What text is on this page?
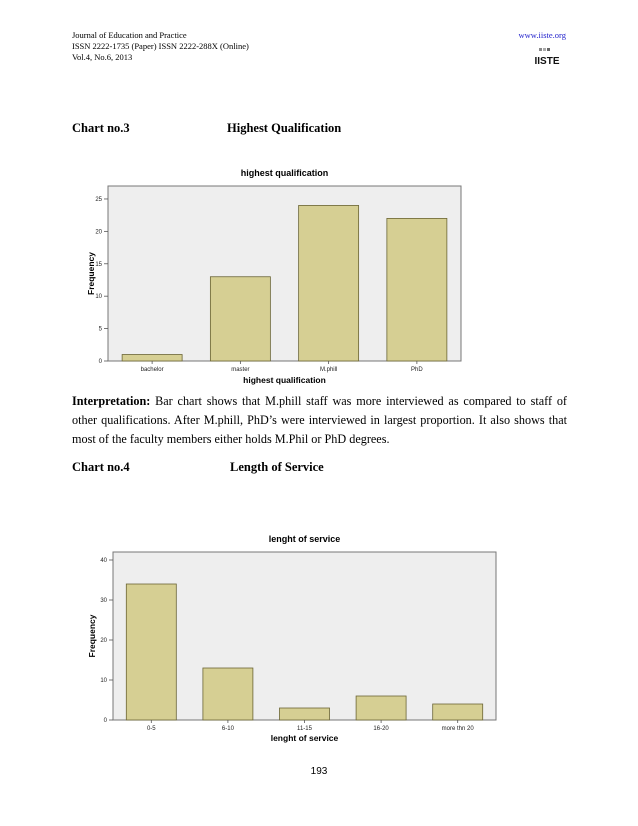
Journal of Education and Practice
ISSN 2222-1735 (Paper) ISSN 2222-288X (Online)
Vol.4, No.6, 2013
www.iiste.org
IISTE
Chart no.3	Highest Qualification
highest qualification
highest qualification
Frequency
0
5
10
15
20
25
bachelor	master	M.phill	PhD
Interpretation: Bar chart shows that M.phill staff was more interviewed as compared to staff of other qualifications. After M.phill, PhD’s were interviewed in largest proportion. It also shows that most of the faculty members either holds M.Phil or PhD degrees.
Chart no.4	Length of Service
lenght of service
lenght of service
Frequency
0
10
20
30
40
0-5	6-10	11-15	16-20	more thn 20
193
